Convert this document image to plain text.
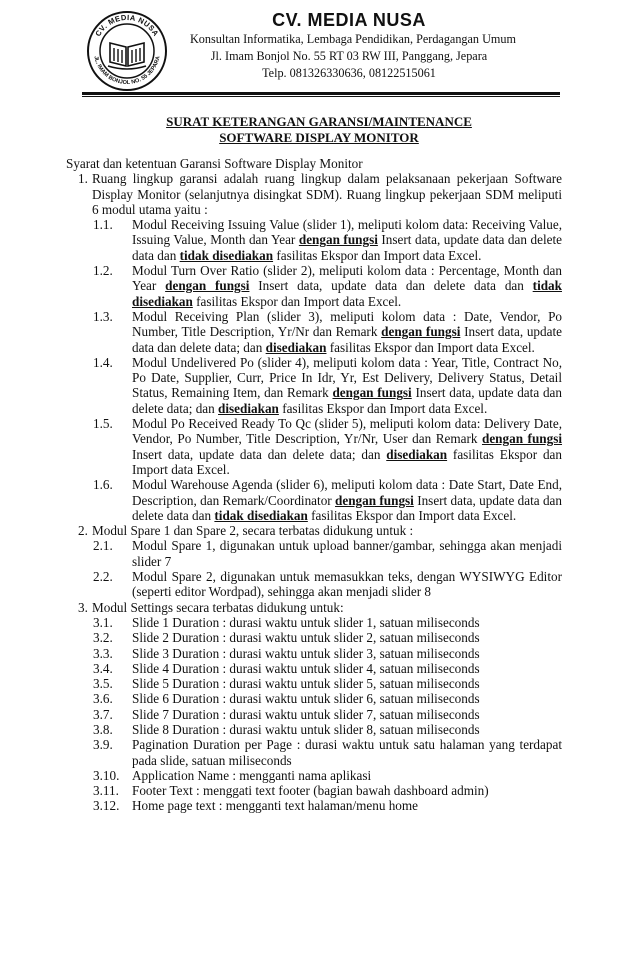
CV. MEDIA NUSA
JL. IMAM BONJOL NO. 55 JEPARA
CV. MEDIA NUSA
Konsultan Informatika, Lembaga Pendidikan, Perdagangan Umum
Jl. Imam Bonjol No. 55 RT 03 RW III, Panggang, Jepara
Telp. 081326330636, 08122515061
SURAT KETERANGAN GARANSI/MAINTENANCE
SOFTWARE DISPLAY MONITOR
Syarat dan ketentuan Garansi Software Display Monitor
1. Ruang lingkup garansi adalah ruang lingkup dalam pelaksanaan pekerjaan Software Display Monitor (selanjutnya disingkat SDM). Ruang lingkup pekerjaan SDM meliputi 6 modul utama yaitu :
1.1. Modul Receiving Issuing Value (slider 1), meliputi kolom data: Receiving Value, Issuing Value, Month dan Year dengan fungsi Insert data, update data dan delete data dan tidak disediakan fasilitas Ekspor dan Import data Excel.
1.2. Modul Turn Over Ratio (slider 2), meliputi kolom data : Percentage, Month dan Year dengan fungsi Insert data, update data dan delete data dan tidak disediakan fasilitas Ekspor dan Import data Excel.
1.3. Modul Receiving Plan (slider 3), meliputi kolom data : Date, Vendor, Po Number, Title Description, Yr/Nr dan Remark dengan fungsi Insert data, update data dan delete data; dan disediakan fasilitas Ekspor dan Import data Excel.
1.4. Modul Undelivered Po (slider 4), meliputi kolom data : Year, Title, Contract No, Po Date, Supplier, Curr, Price In Idr, Yr, Est Delivery, Delivery Status, Detail Status, Remaining Item, dan Remark dengan fungsi Insert data, update data dan delete data; dan disediakan fasilitas Ekspor dan Import data Excel.
1.5. Modul Po Received Ready To Qc (slider 5), meliputi kolom data: Delivery Date, Vendor, Po Number, Title Description, Yr/Nr, User dan Remark dengan fungsi Insert data, update data dan delete data; dan disediakan fasilitas Ekspor dan Import data Excel.
1.6. Modul Warehouse Agenda (slider 6), meliputi kolom data : Date Start, Date End, Description, dan Remark/Coordinator dengan fungsi Insert data, update data dan delete data dan tidak disediakan fasilitas Ekspor dan Import data Excel.
2. Modul Spare 1 dan Spare 2, secara terbatas didukung untuk :
2.1. Modul Spare 1, digunakan untuk upload banner/gambar, sehingga akan menjadi slider 7
2.2. Modul Spare 2, digunakan untuk memasukkan teks, dengan WYSIWYG Editor (seperti editor Wordpad), sehingga akan menjadi slider 8
3. Modul Settings secara terbatas didukung untuk:
3.1. Slide 1 Duration : durasi waktu untuk slider 1, satuan miliseconds
3.2. Slide 2 Duration : durasi waktu untuk slider 2, satuan miliseconds
3.3. Slide 3 Duration : durasi waktu untuk slider 3, satuan miliseconds
3.4. Slide 4 Duration : durasi waktu untuk slider 4, satuan miliseconds
3.5. Slide 5 Duration : durasi waktu untuk slider 5, satuan miliseconds
3.6. Slide 6 Duration : durasi waktu untuk slider 6, satuan miliseconds
3.7. Slide 7 Duration : durasi waktu untuk slider 7, satuan miliseconds
3.8. Slide 8 Duration : durasi waktu untuk slider 8, satuan miliseconds
3.9. Pagination Duration per Page : durasi waktu untuk satu halaman yang terdapat pada slide, satuan miliseconds
3.10. Application Name : mengganti nama aplikasi
3.11. Footer Text : menggati text footer (bagian bawah dashboard admin)
3.12. Home page text : mengganti text halaman/menu home
